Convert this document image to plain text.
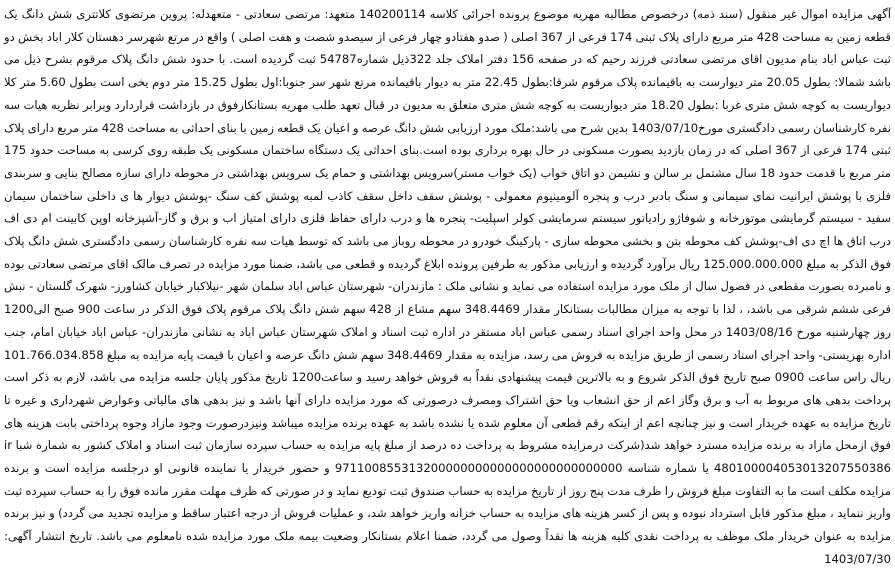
آگهی مزایده اموال غیر منقول (سند ذمه) درخصوص مطالبه مهریه موضوع پرونده اجرائی کلاسه 140200114 متعهد: مرتضی سعادتی - متعهدله: پروین مرتضوی کلاتتری شش دانگ یک قطعه زمین به مساحت 428 متر مربع دارای پلاک ثبتی 174 فرعی از 367 اصلی ( صدو هفتادو چهار فرعی از سیصدو شصت و هفت اصلی ) واقع در مرتع شهرسر دهستان کلار اباد بخش دو ثبت عباس اباد بنام مدیون اقای مرتضی سعادتی فرزند رحیم که در صفحه 156 دفتر املاک جلد 322ذیل شماره54787 ثبت گردیده است. با حدود شش دانگ پلاک مرقوم بشرح ذیل می باشد شمالا: بطول 20.05 متر دیوارست به باقیمانده پلاک مرقوم شرقا:بطول 22.45 متر به دیوار باقیمانده مرتع شهر سر جنوبا:اول بطول 15.25 متر دوم یخی است بطول 5.60 متر کلا دیواریست به کوچه شش متری غربا :بطول 18.20 متر دیواریست به کوچه شش متری متعلق به مدیون در قبال تعهد طلب مهریه بستانکارفوق در بازداشت قراردارد وبرابر نظریه هیات سه نفره کارشناسان رسمی دادگستری مورخ1403/07/10 بدین شرح می باشد:ملک مورد ارزیابی شش دانگ عرصه و اعیان یک قطعه زمین با بنای احداثی به مساحت 428 متر مربع دارای پلاک ثبتی 174 فرعی از 367 اصلی که در زمان بازدید بصورت مسکونی در حال بهره برداری بوده است.بنای احداثی یک دستگاه ساختمان مسکونی یک طبقه روی کرسی به مساحت حدود 175 متر مربع با قدمت حدود 18 سال مشتمل بر سالن و نشیمن دو اتاق خواب (یک خواب مستر)سرویس بهداشتی و حمام یک سرویس بهداشتی در محوطه دارای سازه مصالح بنایی و سربندی فلزی با پوشش ایرانیت نمای سیمانی و سنگ بادبر درب و پنجره آلومینیوم معمولی - پوشش سقف داخل سقف کاذب لمبه پوشش کف سنگ -پوشش دیوار ها ی داخلی ساختمان سیمان سفید - سیستم گرمایشی موتورخانه و شوفاژو رادیاتور سیستم سرمایشی کولر اسپلیت- پنجره ها و درب دارای حفاظ فلزی دارای امتیاز اب و برق و گاز-آشپزخانه اوپن کابینت ام دی اف درب اتاق ها اچ دی اف-پوشش کف محوطه بتن و بخشی محوطه سازی - پارکینگ خودرو در محوطه روباز می باشد که توسط هیات سه نفره کارشناسان رسمی دادگستری شش دانگ پلاک فوق الذکر به مبلغ 125.000.000.000 ریال برآورد گردیده و ارزیابی مذکور به طرفین پرونده ابلاغ گردیده و قطعی می باشد، ضمنا مورد مزایده در تصرف مالک اقای مرتضی سعادتی بوده و نامبرده بصورت مقطعی در فصول سال از ملک مورد مزایده استفاده می نماید و نشانی ملک : مازندران- شهرستان عباس اباد سلمان شهر -نیلاکبار خیابان کشاورز- شهرک گلستان - نبش فرعی ششم شرقی می باشد، ، لذا با توجه به میزان مطالبات بستانکار مقدار 348.4469 سهم مشاع از 428 سهم شش دانگ پلاک مرقوم پلاک فوق الذکر در ساعت 900 صبح الی1200 روز چهارشنبه مورخ 1403/08/16 در محل واحد اجرای اسناد رسمی عباس اباد مستقر در اداره ثبت اسناد و املاک شهرستان عباس اباد به نشانی مازندران- عباس اباد خیابان امام، جنب اداره بهزیستی- واحد اجرای اسناد رسمی از طریق مزایده به فروش می رسد، مزایده به مقدار 348.4469 سهم شش دانگ عرصه و اعیان با قیمت پایه مزایده به مبلغ 101.766.034.858 ریال راس ساعت 0900 صبح تاریخ فوق الذکر شروع و به بالاترین قیمت پیشنهادی نقداً به فروش خواهد رسید و ساعت1200 تاریخ مذکور پایان جلسه مزایده می باشد، لازم به ذکر است پرداخت بدهی های مربوط به آب و برق وگاز اعم از حق انشعاب ویا حق اشتراک ومصرف درصورتی که مورد مزایده دارای آنها باشد و نیز بدهی های مالیاتی وعوارض شهرداری و غیره تا تاریخ مزایده به عهده خریدار است و نیز چنانچه اعم از اینکه رقم قطعی آن معلوم شده یا نشده باشد به عهده برنده مزایده میباشد ونیزدرصورت وجود مازاد وجوه پرداختی بابت هزینه های فوق ازمحل مازاد به برنده مزایده مسترد خواهد شد(شرکت درمزایده مشروط به پرداخت ده درصد از مبلغ پایه مزایده به حساب سپرده سازمان ثبت اسناد و املاک کشور به شماره شبا ir 480100004053013207550386 یا شماره شناسه 971100855313200000000000000000000000000 و حضور خریدار یا نماینده قانونی او درجلسه مزایده است و برنده مزایده مکلف است ما به التفاوت مبلغ فروش را ظرف مدت پنج روز از تاریخ مزایده به حساب صندوق ثبت تودیع نماید و در صورتی که ظرف مهلت مقرر مانده فوق را به حساب سپرده ثبت واریز ننماید ، مبلغ مذکور قابل استرداد نبوده و پس از کسر هزینه های مزایده به حساب خزانه واریز خواهد شد، و عملیات فروش از درجه اعتبار ساقط و مزایده تجدید می گردد) و نیز برنده مزایده به عنوان خریدار ملک موظف به پرداخت نقدی کلیه هزینه ها نقداً وصول می گردد، ضمنا اعلام بستانکار وضعیت بیمه ملک مورد مزایده شده نامعلوم می باشد. تاریخ انتشار آگهی: 1403/07/30
